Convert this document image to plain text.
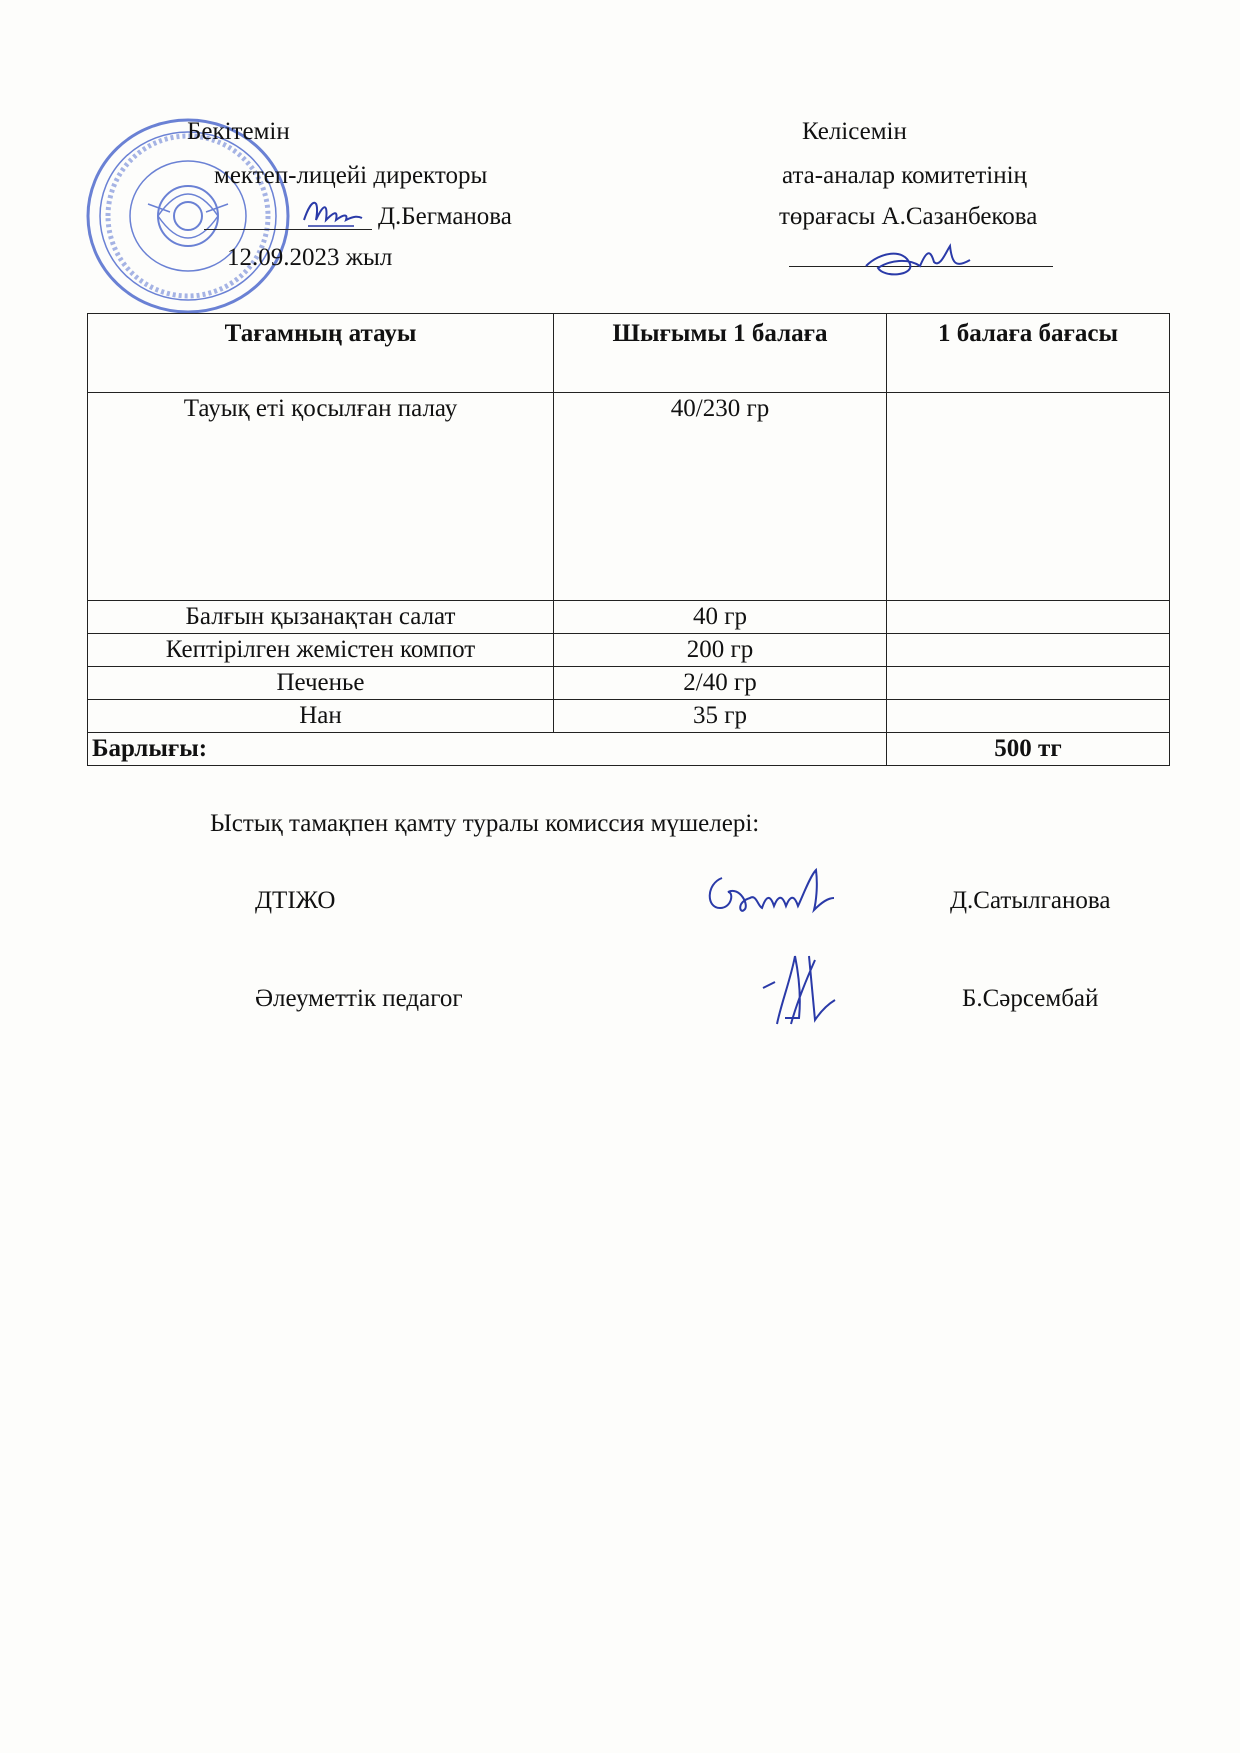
Бекітемін
мектеп-лицейі директоры
Д.Бегманова
12.09.2023 жыл
Келісемін
ата-аналар комитетінің
төрағасы А.Сазанбекова
Тағамның атауы	Шығымы 1 балаға	1 балаға бағасы
Тауық еті қосылған палау	40/230 гр	
Балғын қызанақтан салат	40 гр	
Кептірілген жемістен компот	200 гр	
Печенье	2/40 гр	
Нан	35 гр	
Барлығы:		500 тг
Ыстық тамақпен қамту туралы комиссия мүшелері:
ДТІЖО	Д.Сатылганова
Әлеуметтік педагог	Б.Сәрсембай
